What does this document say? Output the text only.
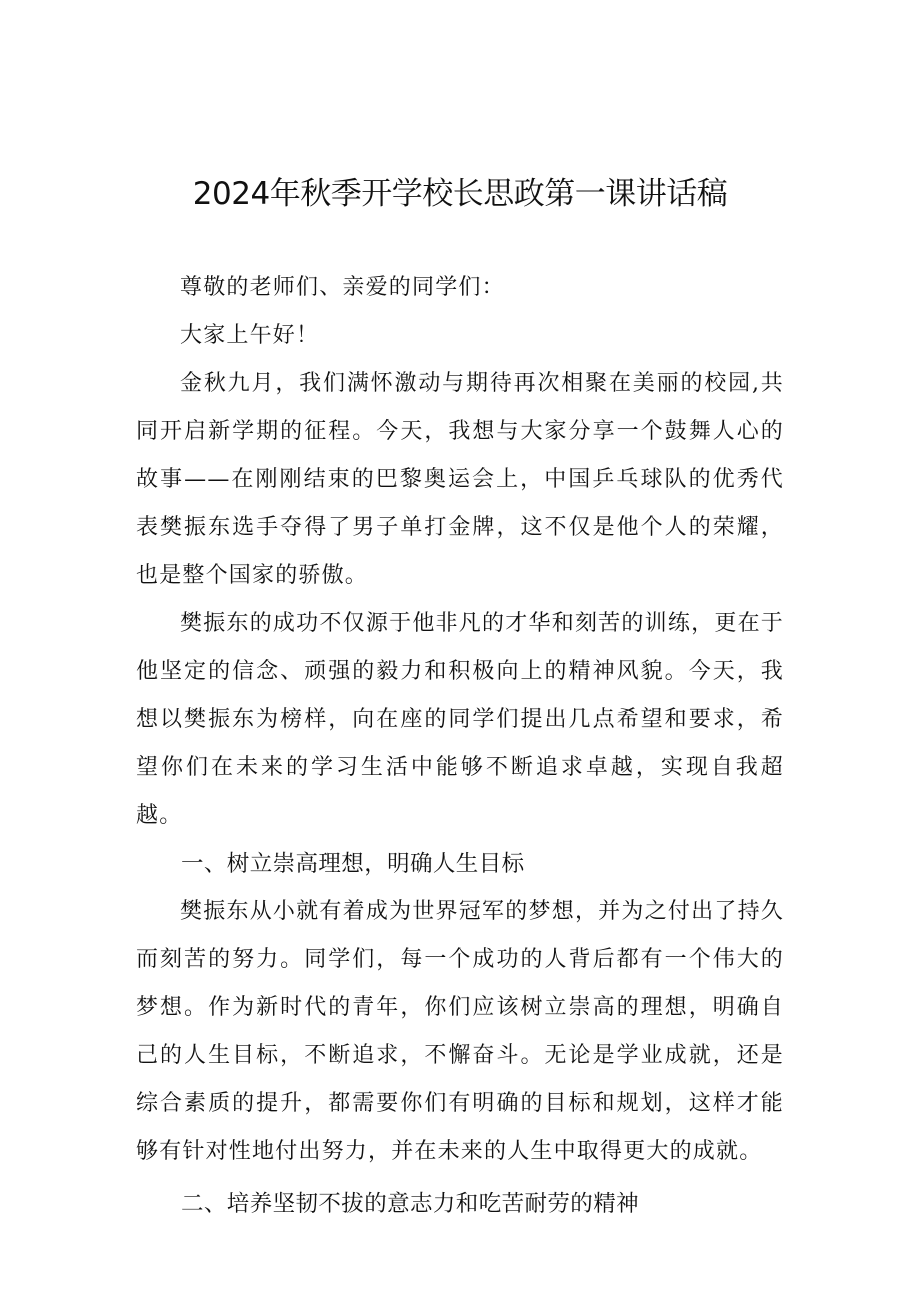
2024年秋季开学校长思政第一课讲话稿

尊敬的老师们、亲爱的同学们：

大家上午好！

金秋九月，我们满怀激动与期待再次相聚在美丽的校园,共同开启新学期的征程。今天，我想与大家分享一个鼓舞人心的故事——在刚刚结束的巴黎奥运会上，中国乒乓球队的优秀代表樊振东选手夺得了男子单打金牌，这不仅是他个人的荣耀，也是整个国家的骄傲。

樊振东的成功不仅源于他非凡的才华和刻苦的训练，更在于他坚定的信念、顽强的毅力和积极向上的精神风貌。今天，我想以樊振东为榜样，向在座的同学们提出几点希望和要求，希望你们在未来的学习生活中能够不断追求卓越，实现自我超越。

一、树立崇高理想，明确人生目标

樊振东从小就有着成为世界冠军的梦想，并为之付出了持久而刻苦的努力。同学们，每一个成功的人背后都有一个伟大的梦想。作为新时代的青年，你们应该树立崇高的理想，明确自己的人生目标，不断追求，不懈奋斗。无论是学业成就，还是综合素质的提升，都需要你们有明确的目标和规划，这样才能够有针对性地付出努力，并在未来的人生中取得更大的成就。

二、培养坚韧不拔的意志力和吃苦耐劳的精神
